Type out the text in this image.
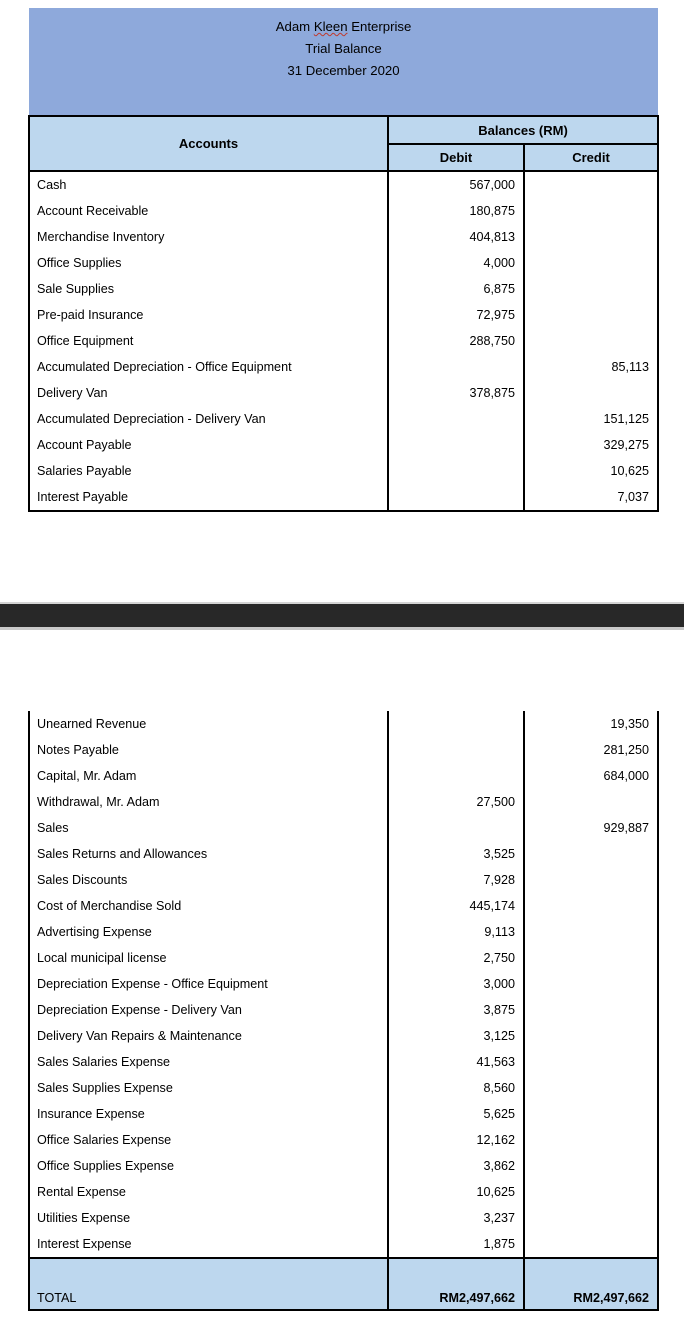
Adam Kleen Enterprise
Trial Balance
31 December 2020		

Accounts	Balances (RM)	
	Debit	Credit
Cash	567,000	
Account Receivable	180,875	
Merchandise Inventory	404,813	
Office Supplies	4,000	
Sale Supplies	6,875	
Pre-paid Insurance	72,975	
Office Equipment	288,750	
Accumulated Depreciation - Office Equipment		85,113
Delivery Van	378,875	
Accumulated Depreciation - Delivery Van		151,125
Account Payable		329,275
Salaries Payable		10,625
Interest Payable		7,037
Unearned Revenue		19,350
Notes Payable		281,250
Capital, Mr. Adam		684,000
Withdrawal, Mr. Adam	27,500	
Sales		929,887
Sales Returns and Allowances	3,525	
Sales Discounts	7,928	
Cost of Merchandise Sold	445,174	
Advertising Expense	9,113	
Local municipal license	2,750	
Depreciation Expense - Office Equipment	3,000	
Depreciation Expense - Delivery Van	3,875	
Delivery Van Repairs & Maintenance	3,125	
Sales Salaries Expense	41,563	
Sales Supplies Expense	8,560	
Insurance Expense	5,625	
Office Salaries Expense	12,162	
Office Supplies Expense	3,862	
Rental Expense	10,625	
Utilities Expense	3,237	
Interest Expense	1,875	
TOTAL	RM2,497,662	RM2,497,662
